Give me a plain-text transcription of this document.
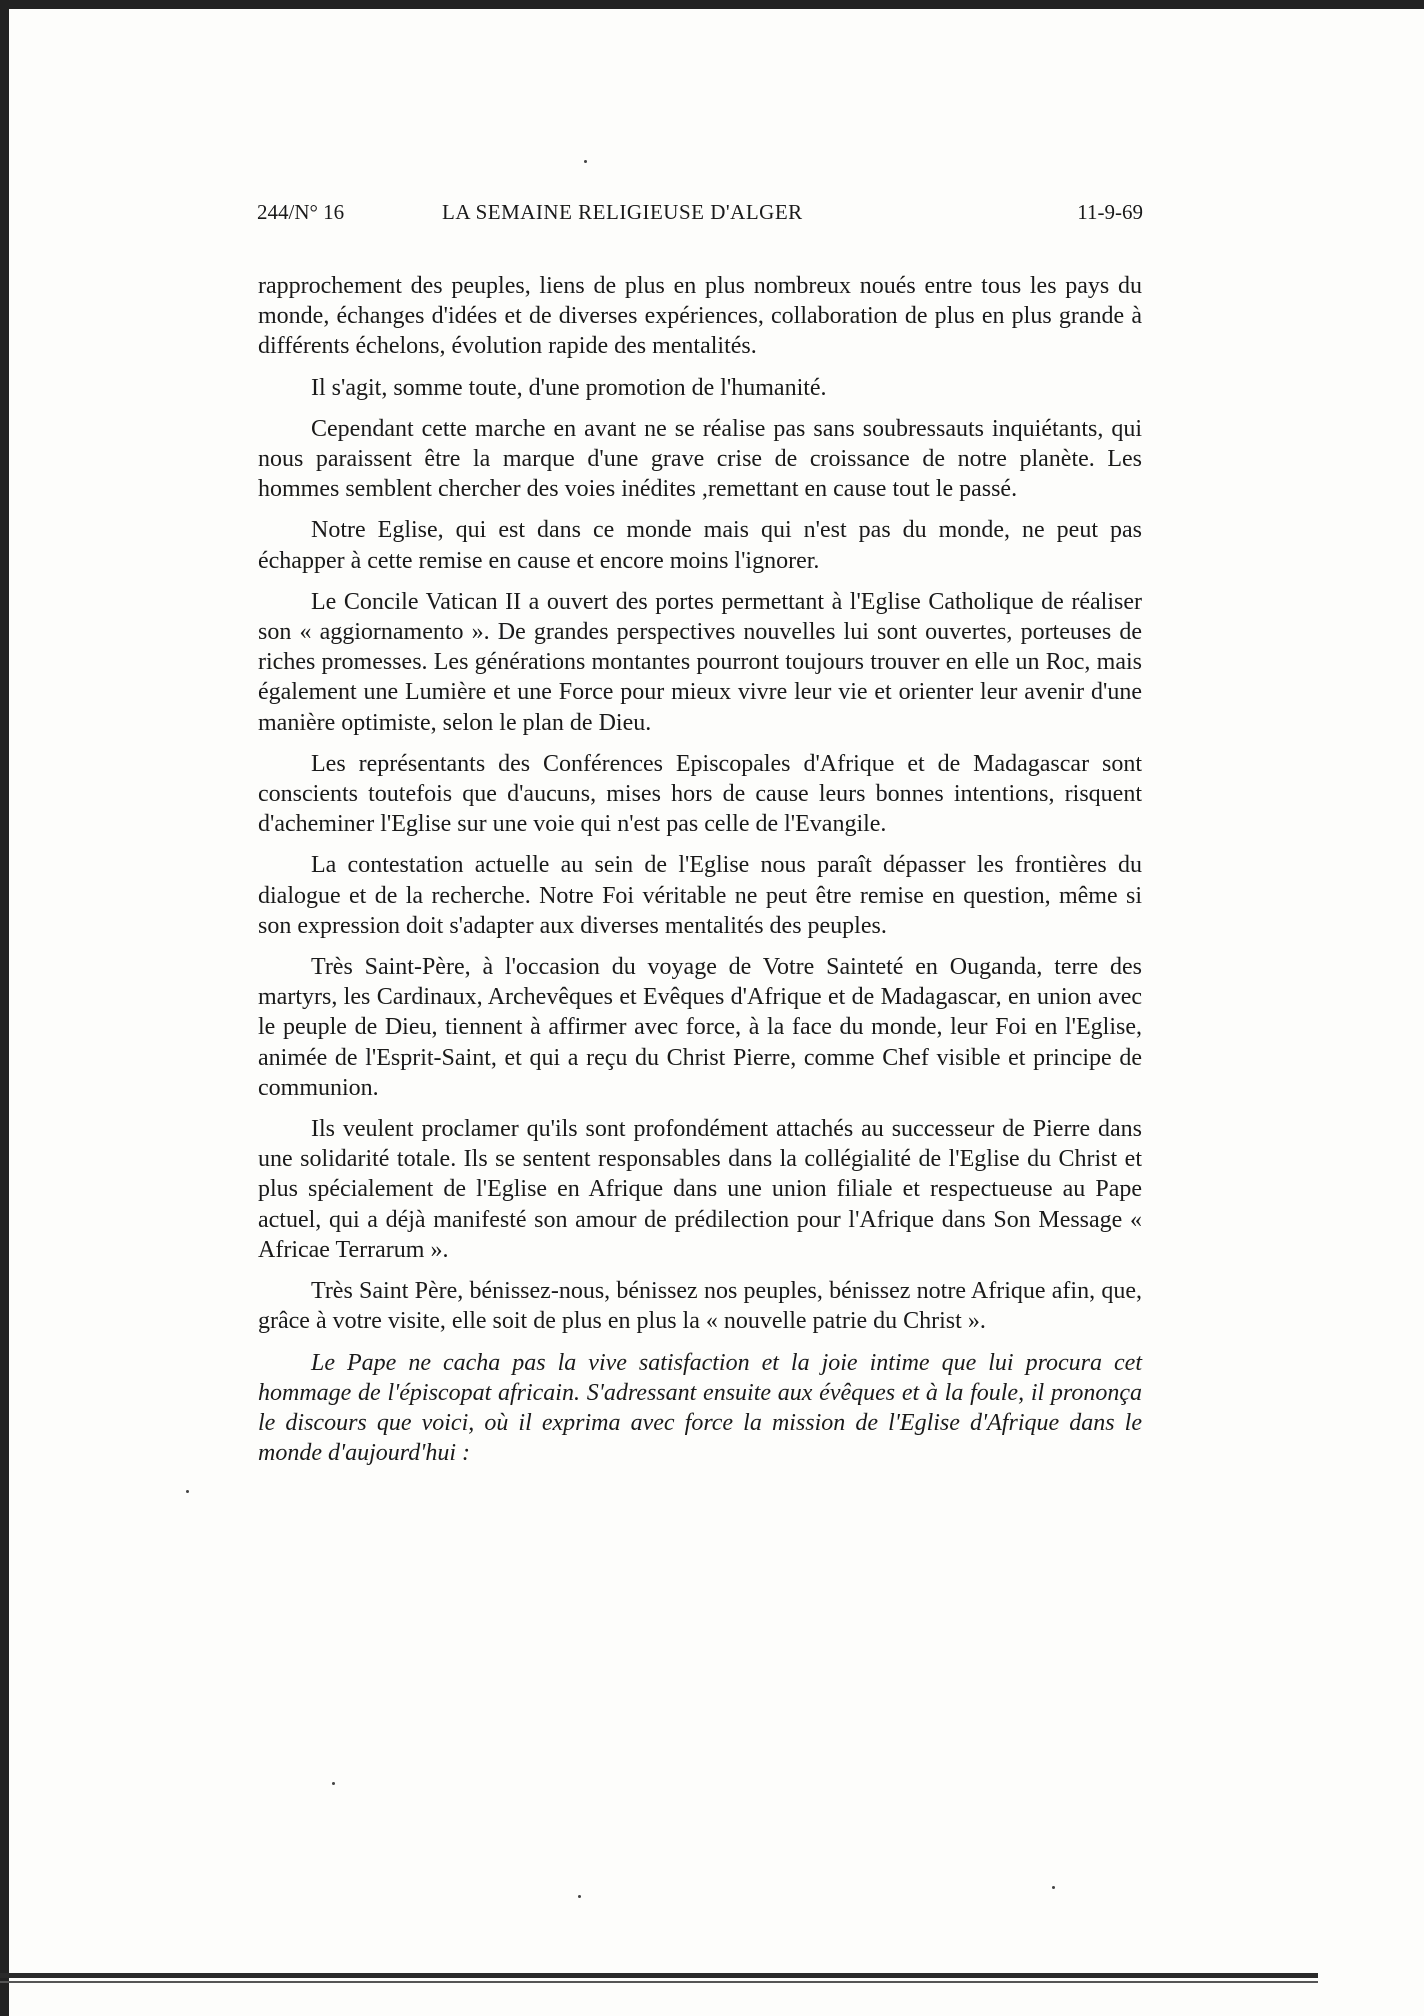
244/N° 16	LA SEMAINE RELIGIEUSE D'ALGER	11-9-69

rapprochement des peuples, liens de plus en plus nombreux noués entre tous les pays du monde, échanges d'idées et de diverses expériences, collaboration de plus en plus grande à différents échelons, évolution rapide des mentalités.

Il s'agit, somme toute, d'une promotion de l'humanité.

Cependant cette marche en avant ne se réalise pas sans soubressauts inquiétants, qui nous paraissent être la marque d'une grave crise de croissance de notre planète. Les hommes semblent chercher des voies inédites ,remettant en cause tout le passé.

Notre Eglise, qui est dans ce monde mais qui n'est pas du monde, ne peut pas échapper à cette remise en cause et encore moins l'ignorer.

Le Concile Vatican II a ouvert des portes permettant à l'Eglise Catholique de réaliser son « aggiornamento ». De grandes perspectives nouvelles lui sont ouvertes, porteuses de riches promesses. Les générations montantes pourront toujours trouver en elle un Roc, mais également une Lumière et une Force pour mieux vivre leur vie et orienter leur avenir d'une manière optimiste, selon le plan de Dieu.

Les représentants des Conférences Episcopales d'Afrique et de Madagascar sont conscients toutefois que d'aucuns, mises hors de cause leurs bonnes intentions, risquent d'acheminer l'Eglise sur une voie qui n'est pas celle de l'Evangile.

La contestation actuelle au sein de l'Eglise nous paraît dépasser les frontières du dialogue et de la recherche. Notre Foi véritable ne peut être remise en question, même si son expression doit s'adapter aux diverses mentalités des peuples.

Très Saint-Père, à l'occasion du voyage de Votre Sainteté en Ouganda, terre des martyrs, les Cardinaux, Archevêques et Evêques d'Afrique et de Madagascar, en union avec le peuple de Dieu, tiennent à affirmer avec force, à la face du monde, leur Foi en l'Eglise, animée de l'Esprit-Saint, et qui a reçu du Christ Pierre, comme Chef visible et principe de communion.

Ils veulent proclamer qu'ils sont profondément attachés au successeur de Pierre dans une solidarité totale. Ils se sentent responsables dans la collégialité de l'Eglise du Christ et plus spécialement de l'Eglise en Afrique dans une union filiale et respectueuse au Pape actuel, qui a déjà manifesté son amour de prédilection pour l'Afrique dans Son Message « Africae Terrarum ».

Très Saint Père, bénissez-nous, bénissez nos peuples, bénissez notre Afrique afin, que, grâce à votre visite, elle soit de plus en plus la « nouvelle patrie du Christ ».

Le Pape ne cacha pas la vive satisfaction et la joie intime que lui procura cet hommage de l'épiscopat africain. S'adressant ensuite aux évêques et à la foule, il prononça le discours que voici, où il exprima avec force la mission de l'Eglise d'Afrique dans le monde d'aujourd'hui :
